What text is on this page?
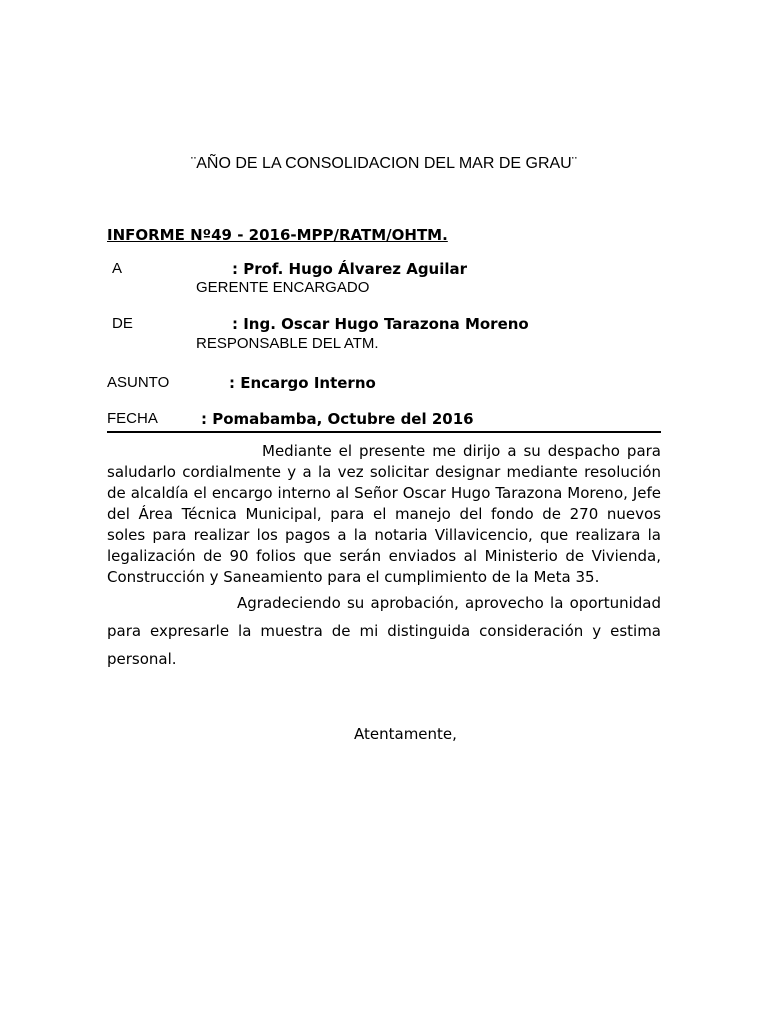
¨AÑO DE LA CONSOLIDACION DEL MAR DE GRAU¨
INFORME Nº49 - 2016-MPP/RATM/OHTM.
A	: Prof. Hugo Álvarez Aguilar
GERENTE ENCARGADO
DE	: Ing. Oscar Hugo Tarazona Moreno
RESPONSABLE DEL ATM.
ASUNTO	: Encargo Interno
FECHA	: Pomabamba, Octubre del 2016
Mediante el presente me dirijo a su despacho para saludarlo cordialmente y a la vez solicitar designar mediante resolución de alcaldía el encargo interno al Señor Oscar Hugo Tarazona Moreno, Jefe del Área Técnica Municipal, para el manejo del fondo de 270 nuevos soles para realizar los pagos a la notaria Villavicencio, que realizara la legalización de 90 folios que serán enviados al Ministerio de Vivienda, Construcción y Saneamiento para el cumplimiento de la Meta 35.
Agradeciendo su aprobación, aprovecho la oportunidad para expresarle la muestra de mi distinguida consideración y estima personal.
Atentamente,
